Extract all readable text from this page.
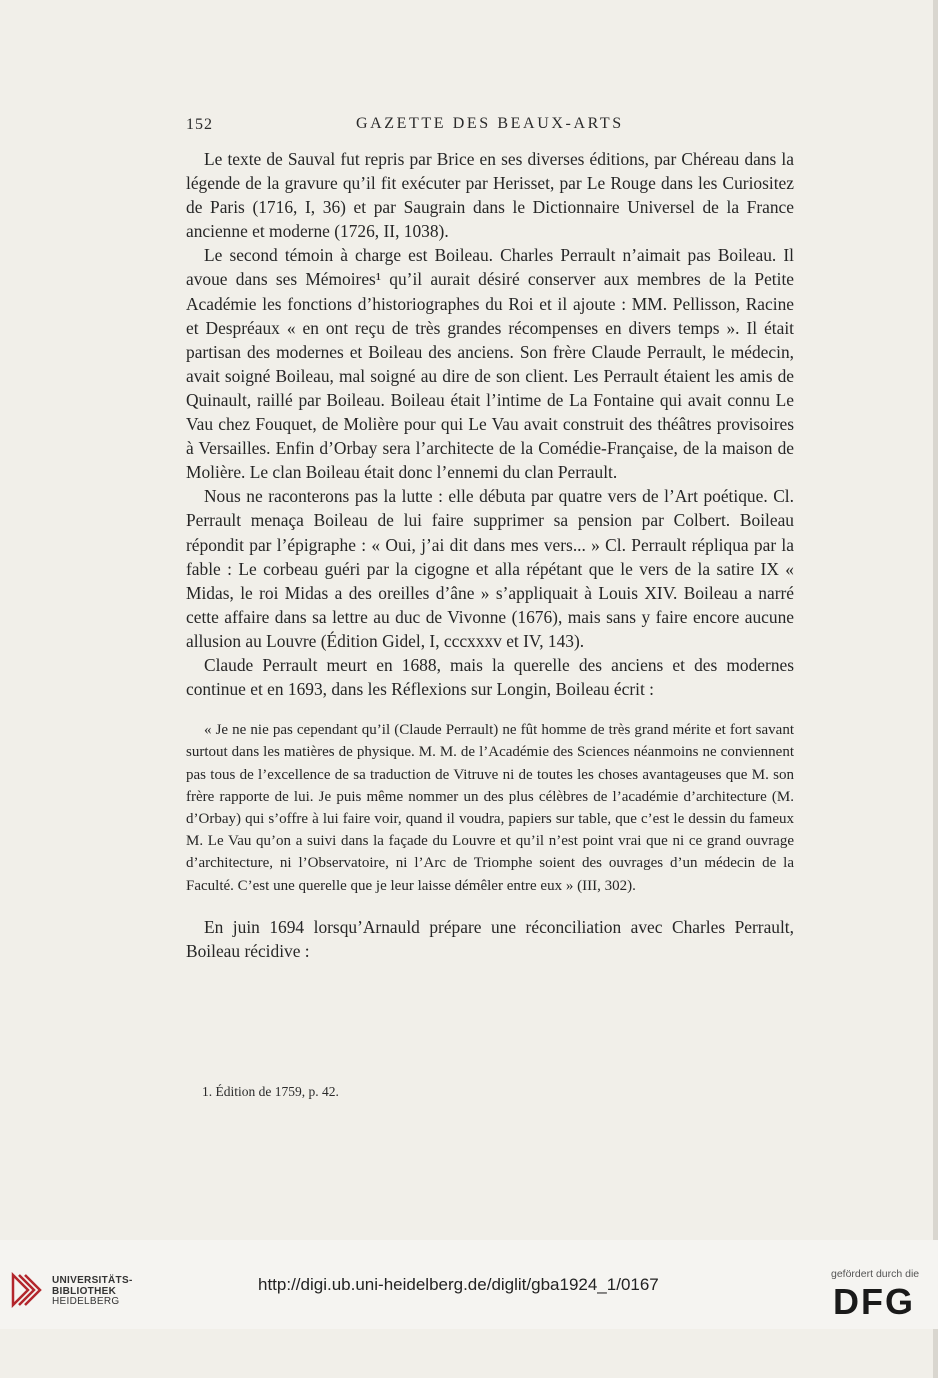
152	GAZETTE DES BEAUX-ARTS

Le texte de Sauval fut repris par Brice en ses diverses éditions, par Chéreau dans la légende de la gravure qu’il fit exécuter par Herisset, par Le Rouge dans les Curiositez de Paris (1716, I, 36) et par Saugrain dans le Dictionnaire Universel de la France ancienne et moderne (1726, II, 1038).

Le second témoin à charge est Boileau. Charles Perrault n’aimait pas Boileau. Il avoue dans ses Mémoires¹ qu’il aurait désiré conserver aux membres de la Petite Académie les fonctions d’historiographes du Roi et il ajoute : MM. Pellisson, Racine et Despréaux « en ont reçu de très grandes récompenses en divers temps ». Il était partisan des modernes et Boileau des anciens. Son frère Claude Perrault, le médecin, avait soigné Boileau, mal soigné au dire de son client. Les Perrault étaient les amis de Quinault, raillé par Boileau. Boileau était l’intime de La Fontaine qui avait connu Le Vau chez Fouquet, de Molière pour qui Le Vau avait construit des théâtres provisoires à Versailles. Enfin d’Orbay sera l’architecte de la Comédie-Française, de la maison de Molière. Le clan Boileau était donc l’ennemi du clan Perrault.

Nous ne raconterons pas la lutte : elle débuta par quatre vers de l’Art poétique. Cl. Perrault menaça Boileau de lui faire supprimer sa pension par Colbert. Boileau répondit par l’épigraphe : « Oui, j’ai dit dans mes vers... » Cl. Perrault répliqua par la fable : Le corbeau guéri par la cigogne et alla répétant que le vers de la satire IX « Midas, le roi Midas a des oreilles d’âne » s’appliquait à Louis XIV. Boileau a narré cette affaire dans sa lettre au duc de Vivonne (1676), mais sans y faire encore aucune allusion au Louvre (Édition Gidel, I, cccxxxv et IV, 143).

Claude Perrault meurt en 1688, mais la querelle des anciens et des modernes continue et en 1693, dans les Réflexions sur Longin, Boileau écrit :

« Je ne nie pas cependant qu’il (Claude Perrault) ne fût homme de très grand mérite et fort savant surtout dans les matières de physique. M. M. de l’Académie des Sciences néanmoins ne conviennent pas tous de l’excellence de sa traduction de Vitruve ni de toutes les choses avantageuses que M. son frère rapporte de lui. Je puis même nommer un des plus célèbres de l’académie d’architecture (M. d’Orbay) qui s’offre à lui faire voir, quand il voudra, papiers sur table, que c’est le dessin du fameux M. Le Vau qu’on a suivi dans la façade du Louvre et qu’il n’est point vrai que ni ce grand ouvrage d’architecture, ni l’Observatoire, ni l’Arc de Triomphe soient des ouvrages d’un médecin de la Faculté. C’est une querelle que je leur laisse démêler entre eux » (III, 302).

En juin 1694 lorsqu’Arnauld prépare une réconciliation avec Charles Perrault, Boileau récidive :

1. Édition de 1759, p. 42.
UNIVERSITÄTS-
BIBLIOTHEK
HEIDELBERG
http://digi.ub.uni-heidelberg.de/diglit/gba1924_1/0167
gefördert durch die
DFG
